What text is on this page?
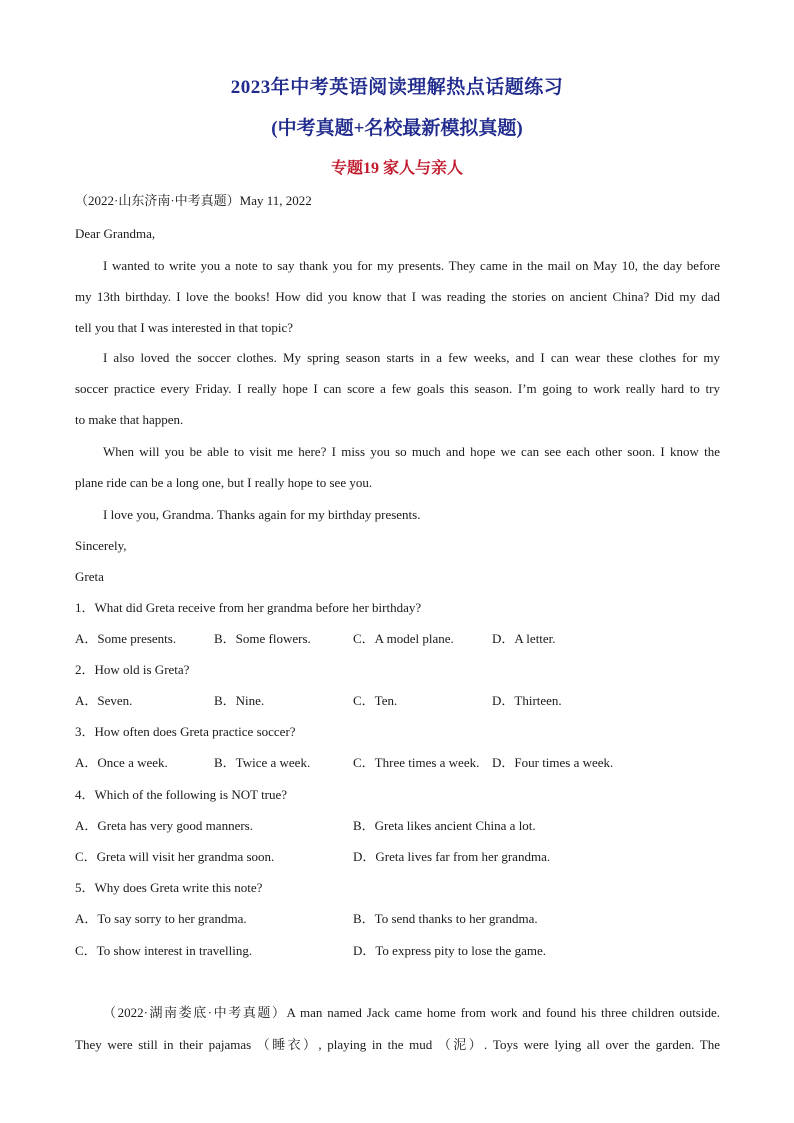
2023年中考英语阅读理解热点话题练习
(中考真题+名校最新模拟真题)
专题19 家人与亲人
（2022·山东济南·中考真题）May 11, 2022
Dear Grandma,
I wanted to write you a note to say thank you for my presents. They came in the mail on May 10, the day before
my 13th birthday. I love the books! How did you know that I was reading the stories on ancient China? Did my dad
tell you that I was interested in that topic?
I also loved the soccer clothes. My spring season starts in a few weeks, and I can wear these clothes for my
soccer practice every Friday. I really hope I can score a few goals this season. I’m going to work really hard to try
to make that happen.
When will you be able to visit me here? I miss you so much and hope we can see each other soon. I know the
plane ride can be a long one, but I really hope to see you.
I love you, Grandma. Thanks again for my birthday presents.
Sincerely,
Greta
1．What did Greta receive from her grandma before her birthday?
A．Some presents.	B．Some flowers.	C．A model plane.	D．A letter.
2．How old is Greta?
A．Seven.	B．Nine.	C．Ten.	D．Thirteen.
3．How often does Greta practice soccer?
A．Once a week.	B．Twice a week.	C．Three times a week. D．Four times a week.
4．Which of the following is NOT true?
A．Greta has very good manners.	B．Greta likes ancient China a lot.
C．Greta will visit her grandma soon.	D．Greta lives far from her grandma.
5．Why does Greta write this note?
A．To say sorry to her grandma.	B．To send thanks to her grandma.
C．To show interest in travelling.	D．To express pity to lose the game.
（2022·湖南娄底·中考真题）A man named Jack came home from work and found his three children outside.
They were still in their pajamas （睡衣）, playing in the mud （泥）. Toys were lying all over the garden. The
